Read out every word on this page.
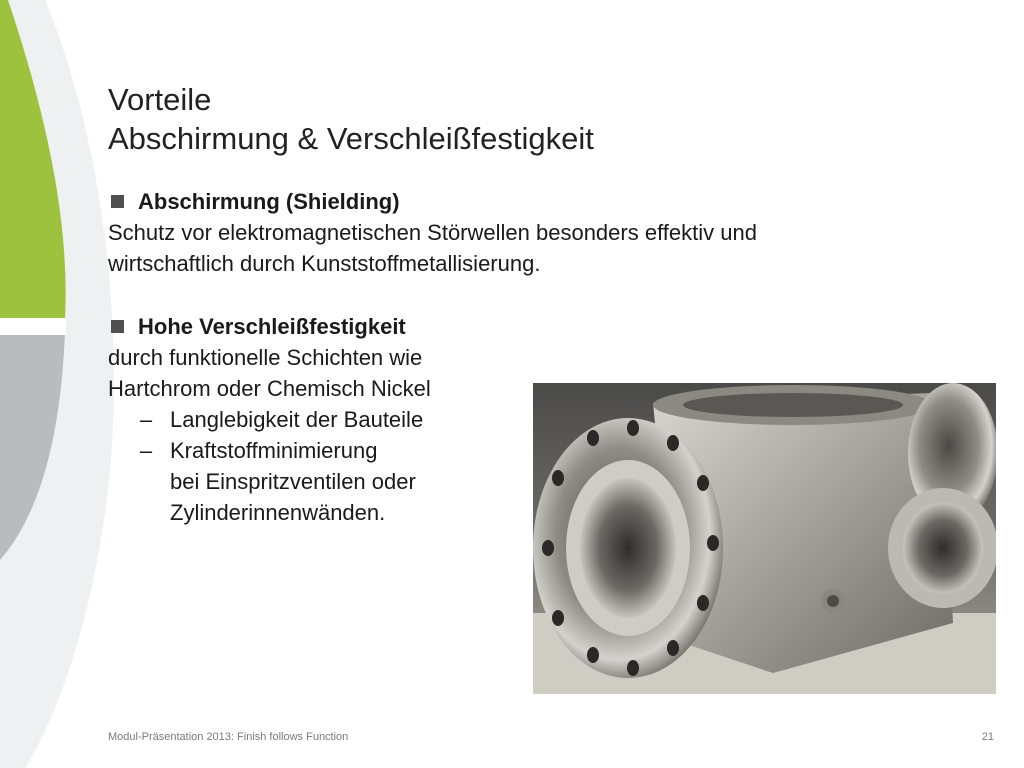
Vorteile
Abschirmung & Verschleißfestigkeit
Abschirmung (Shielding)
Schutz vor elektromagnetischen Störwellen besonders effektiv und
wirtschaftlich durch Kunststoffmetallisierung.
Hohe Verschleißfestigkeit
durch funktionelle Schichten wie
Hartchrom oder Chemisch Nickel
– Langlebigkeit der Bauteile
– Kraftstoffminimierung
bei Einspritzventilen oder
Zylinderinnenwänden.
Modul-Präsentation 2013: Finish follows Function	21
